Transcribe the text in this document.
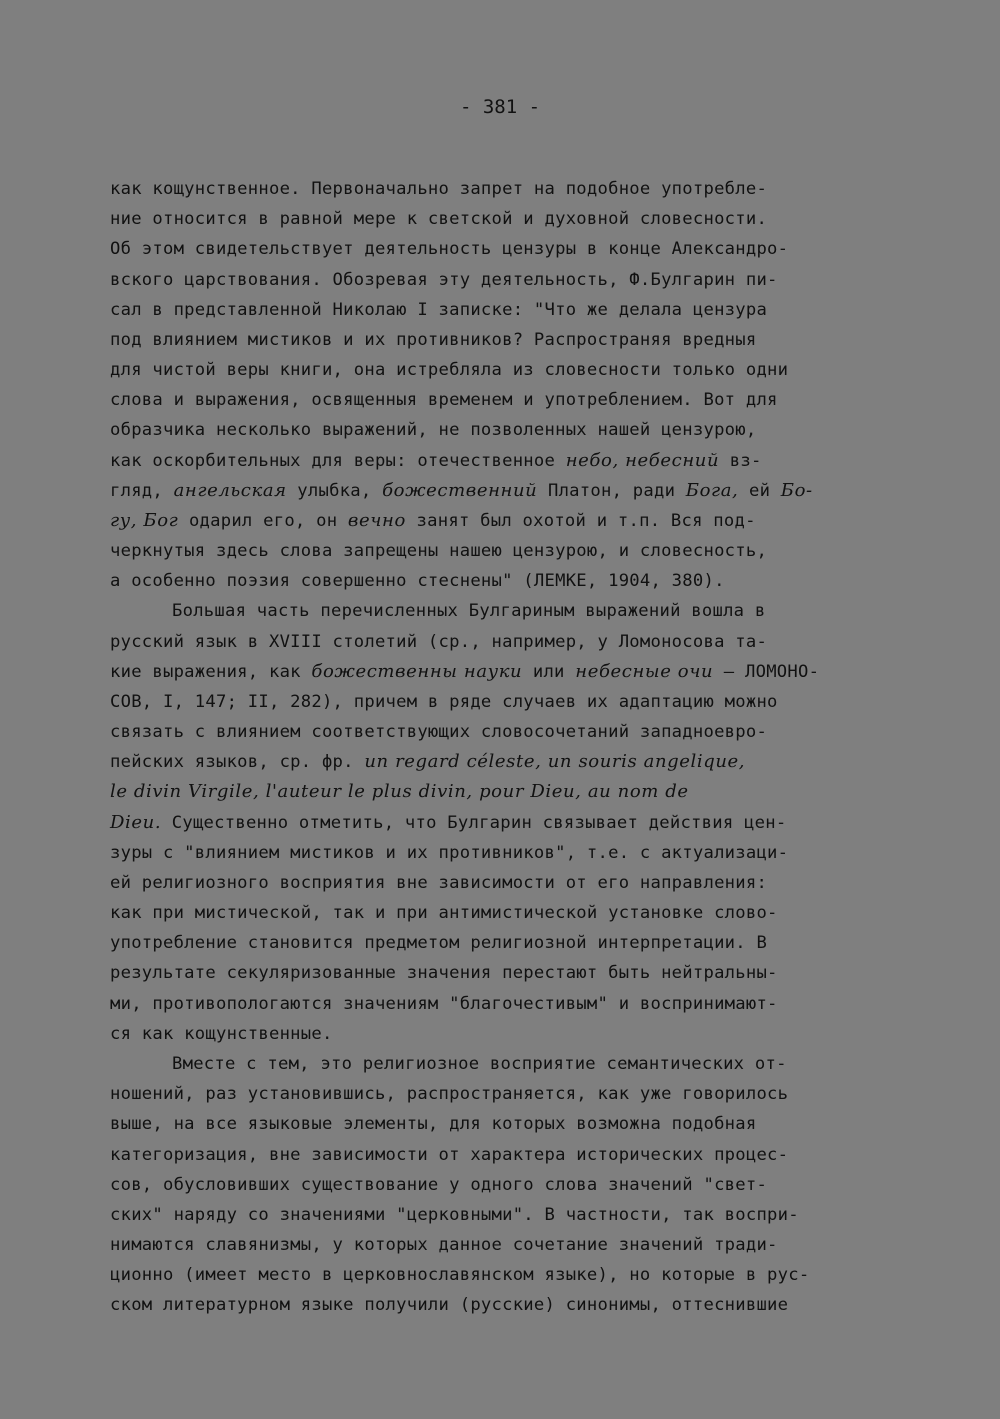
- 381 -
как кощунственное. Первоначально запрет на подобное употребле-
ние относится в равной мере к светской и духовной словесности.
Об этом свидетельствует деятельность цензуры в конце Александро-
вского царствования. Обозревая эту деятельность, Ф.Булгарин пи-
сал в представленной Николаю I записке: "Что же делала цензура
под влиянием мистиков и их противников? Распространяя вредныя
для чистой веры книги, она истребляла из словесности только одни
слова и выражения, освященныя временем и употреблением. Вот для
образчика несколько выражений, не позволенных нашей цензурою,
как оскорбительных для веры: отечественное небо, небесний вз-
гляд, ангельская улыбка, божественний Платон, ради Бога, ей Бо-
гу, Бог одарил его, он вечно занят был охотой и т.п. Вся под-
черкнутыя здесь слова запрещены нашею цензурою, и словесность,
а особенно поэзия совершенно стеснены" (ЛЕМКЕ, 1904, 380).
Большая часть перечисленных Булгариным выражений вошла в
русский язык в XVIII столетий (ср., например, у Ломоносова та-
кие выражения, как божественны науки или небесные очи – ЛОМОНО-
СОВ, I, 147; II, 282), причем в ряде случаев их адаптацию можно
связать с влиянием соответствующих словосочетаний западноевро-
пейских языков, ср. фр. un regard céleste, un souris angelique,
le divin Virgile, l'auteur le plus divin, pour Dieu, au nom de
Dieu. Существенно отметить, что Булгарин связывает действия цен-
зуры с "влиянием мистиков и их противников", т.е. с актуализаци-
ей религиозного восприятия вне зависимости от его направления:
как при мистической, так и при антимистической установке слово-
употребление становится предметом религиозной интерпретации. В
результате секуляризованные значения перестают быть нейтральны-
ми, противопологаются значениям "благочестивым" и воспринимают-
ся как кощунственные.
Вместе с тем, это религиозное восприятие семантических от-
ношений, раз установившись, распространяется, как уже говорилось
выше, на все языковые элементы, для которых возможна подобная
категоризация, вне зависимости от характера исторических процес-
сов, обусловивших существование у одного слова значений "свет-
ских" наряду со значениями "церковными". В частности, так воспри-
нимаются славянизмы, у которых данное сочетание значений тради-
ционно (имеет место в церковнославянском языке), но которые в рус-
ском литературном языке получили (русские) синонимы, оттеснившие
